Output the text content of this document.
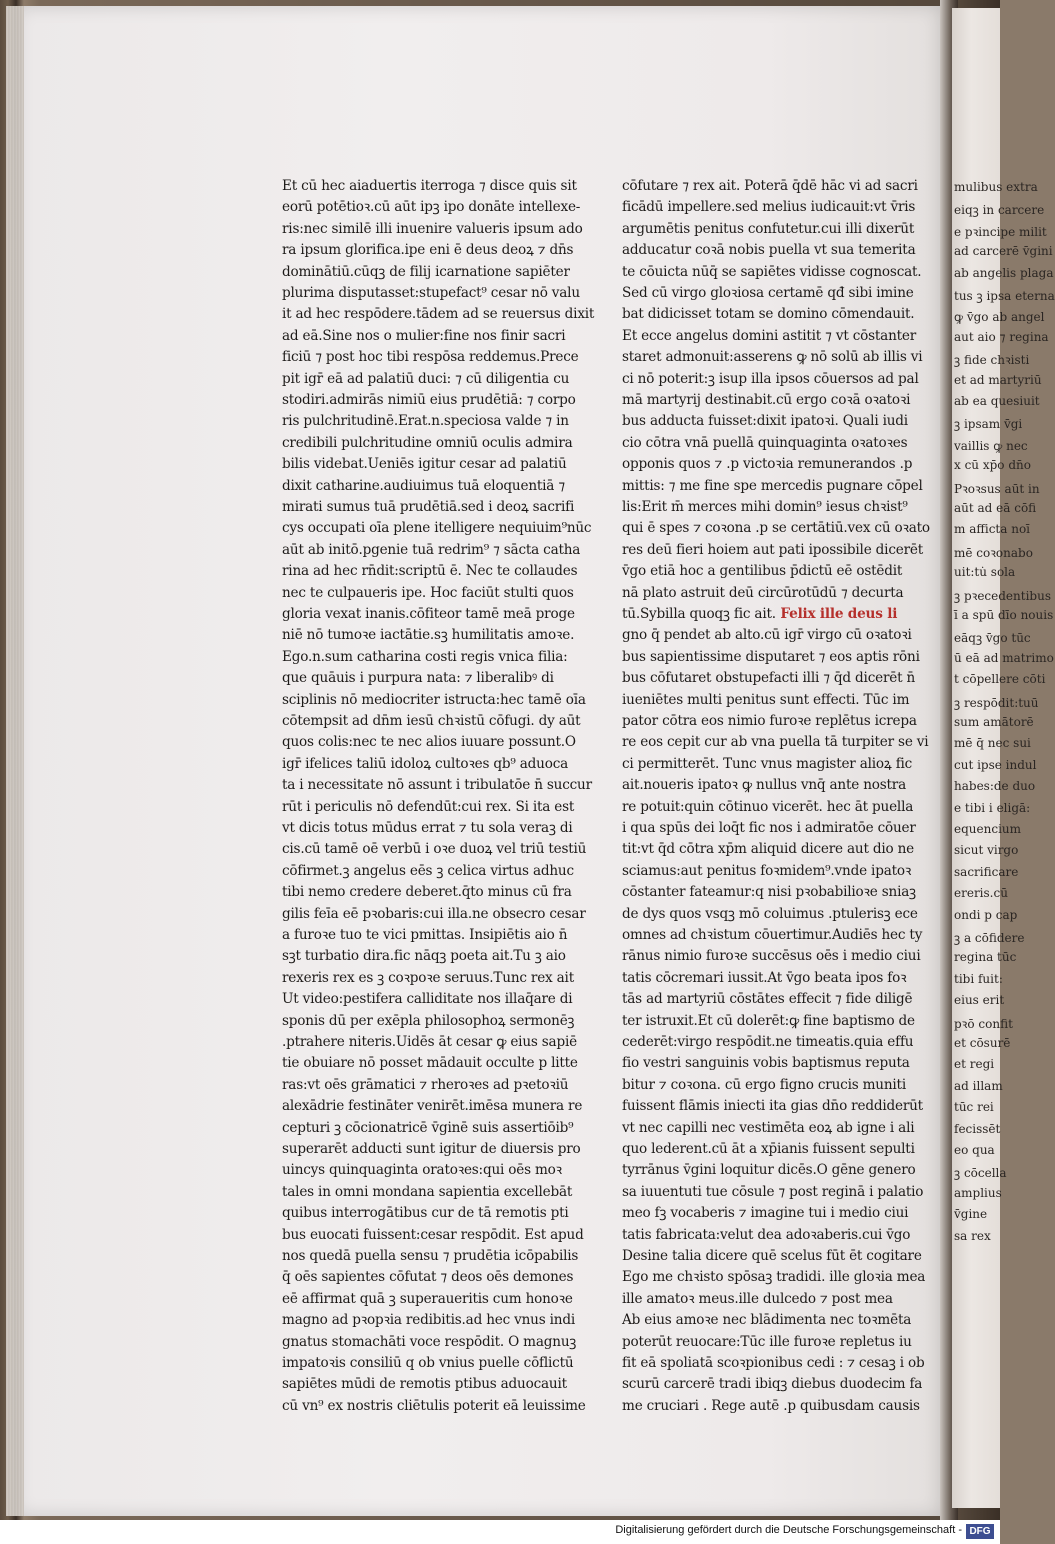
Et cū hec aiaduertis iterroga ⁊ disce quis sit
eorū potētioꝛ.cū aūt ipꝫ ipo donāte intellexe-
ris:nec similē illi inuenire valueris ipsum ado
ra ipsum glorifica.ipe eni ē deus deoꝝ ⁊ dn̄s
dominātiū.cūqꝫ de filij icarnatione sapiēter
plurima disputasset:stupefact⁹ cesar nō valu
it ad hec respōdere.tādem ad se reuersus dixit
ad eā.Sine nos o mulier:fine nos finir sacri
ficiū ⁊ post hoc tibi respōsa reddemus.Prece
pit igr̄ eā ad palatiū duci: ⁊ cū diligentia cu
stodiri.admirās nimiū eius prudētiā: ⁊ corpo
ris pulchritudinē.Erat.n.speciosa valde ⁊ in
credibili pulchritudine omniū oculis admira
bilis videbat.Ueniēs igitur cesar ad palatiū
dixit catharine.audiuimus tuā eloquentiā ⁊
mirati sumus tuā prudētiā.sed i deoꝝ sacrifi
cys occupati oīa plene itelligere nequiuim⁹nūc
aūt ab initō.pgenie tuā redrim⁹ ⁊ sācta catha
rina ad hec rn̄dit:scriptū ē. Nec te collaudes
nec te culpaueris ipe. Hoc faciūt stulti quos
gloria vexat inanis.cōfiteor tamē meā proge
niē nō tumoꝛe iactātie.sꝫ humilitatis amoꝛe.
Ego.n.sum catharina costi regis vnica filia:
que quāuis i purpura nata: ⁊ liberalibꝰ di
sciplinis nō mediocriter istructa:hec tamē oīa
cōtempsit ad dn̄m iesū chꝛistū cōfugi. dy aūt
quos colis:nec te nec alios iuuare possunt.O
igr̄ ifelices taliū idoloꝝ cultoꝛes qb⁹ aduoca
ta i necessitate nō assunt i tribulatōe n̄ succur
rūt i periculis nō defendūt:cui rex. Si ita est
vt dicis totus mūdus errat ⁊ tu sola veraꝫ di
cis.cū tamē oē verbū i oꝛe duoꝝ vel triū testiū
cōfirmet.ꝫ angelus eēs ꝫ celica virtus adhuc
tibi nemo credere deberet.q̄to minus cū fra
gilis feīa eē pꝛobaris:cui illa.ne obsecro cesar
a furoꝛe tuo te vici pmittas. Insipiētis aio n̄
sꝫt turbatio dira.fic nāqꝫ poeta ait.Tu ꝫ aio
rexeris rex es ꝫ coꝛpoꝛe seruus.Tunc rex ait
Ut video:pestifera calliditate nos illaq̄are di
sponis dū per exēpla philosophoꝝ sermonēꝫ
.ptrahere niteris.Uidēs āt cesar ꝙ eius sapiē
tie obuiare nō posset mādauit occulte p litte
ras:vt oēs grāmatici ⁊ rheroꝛes ad pꝛetoꝛiū
alexādrie festināter venirēt.imēsa munera re
cepturi ꝫ cōcionatricē v̄ginē suis assertiōib⁹
superarēt adducti sunt igitur de diuersis pro
uincys quinquaginta oratoꝛes:qui oēs moꝛ
tales in omni mondana sapientia excellebāt
quibus interrogātibus cur de tā remotis pti
bus euocati fuissent:cesar respōdit. Est apud
nos quedā puella sensu ⁊ prudētia icōpabilis
q̄ oēs sapientes cōfutat ⁊ deos oēs demones
eē affirmat quā ꝫ superaueritis cum honoꝛe
magno ad pꝛopꝛia redibitis.ad hec vnus indi
gnatus stomachāti voce respōdit. O magnuꝫ
impatoꝛis consiliū q ob vnius puelle cōflictū
sapiētes mūdi de remotis ptibus aduocauit
cū vn⁹ ex nostris cliētulis poterit eā leuissime
cōfutare ⁊ rex ait. Poterā q̄dē hāc vi ad sacri
ficādū impellere.sed melius iudicauit:vt v̄ris
argumētis penitus confutetur.cui illi dixerūt
adducatur coꝛā nobis puella vt sua temerita
te cōuicta nūq̄ se sapiētes vidisse cognoscat.
Sed cū virgo gloꝛiosa certamē qđ sibi imine
bat didicisset totam se domino cōmendauit.
Et ecce angelus domini astitit ⁊ vt cōstanter
staret admonuit:asserens ꝙ nō solū ab illis vi
ci nō poterit:ꝫ isup illa ipsos cōuersos ad pal
mā martyrij destinabit.cū ergo coꝛā oꝛatoꝛi
bus adducta fuisset:dixit ipatoꝛi. Quali iudi
cio cōtra vnā puellā quinquaginta oꝛatoꝛes
opponis quos ⁊ .p victoꝛia remunerandos .p
mittis: ⁊ me fine spe mercedis pugnare cōpel
lis:Erit m̄ merces mihi domin⁹ iesus chꝛist⁹
qui ē spes ⁊ coꝛona .p se certātiū.vex cū oꝛato
res deū fieri hoiem aut pati ipossibile dicerēt
v̄go etiā hoc a gentilibus p̄dictū eē ostēdit
nā plato astruit deū circūrotūdū ⁊ decurta
tū.Sybilla quoqꝫ fic ait. Felix ille deus li
gno q̄ pendet ab alto.cū igr̄ virgo cū oꝛatoꝛi
bus sapientissime disputaret ⁊ eos aptis rōni
bus cōfutaret obstupefacti illi ⁊ q̄d dicerēt n̄
iueniētes multi penitus sunt effecti. Tūc im
pator cōtra eos nimio furoꝛe replētus icrepa
re eos cepit cur ab vna puella tā turpiter se vi
ci permitterēt. Tunc vnus magister alioꝝ fic
ait.noueris ipatoꝛ ꝙ nullus vnq̄ ante nostra
re potuit:quin cōtinuo vicerēt. hec āt puella
i qua spūs dei loq̄t fic nos i admiratōe cōuer
tit:vt q̄d cōtra xp̄m aliquid dicere aut dio ne
sciamus:aut penitus foꝛmidem⁹.vnde ipatoꝛ
cōstanter fateamur:q nisi pꝛobabilioꝛe sniaꝫ
de dys quos vsqꝫ mō coluimus .ptulerisꝫ ece
omnes ad chꝛistum cōuertimur.Audiēs hec ty
rānus nimio furoꝛe succēsus oēs i medio ciui
tatis cōcremari iussit.At v̄go beata ipos foꝛ
tās ad martyriū cōstātes effecit ⁊ fide diligē
ter istruxit.Et cū dolerēt:ꝙ fine baptismo de
cederēt:virgo respōdit.ne timeatis.quia effu
fio vestri sanguinis vobis baptismus reputa
bitur ⁊ coꝛona. cū ergo figno crucis muniti
fuissent flāmis iniecti ita gias dn̄o reddiderūt
vt nec capilli nec vestimēta eoꝝ ab igne i ali
quo lederent.cū āt a xp̄ianis fuissent sepulti
tyrrānus v̄gini loquitur dicēs.O gēne genero
sa iuuentuti tue cōsule ⁊ post reginā i palatio
meo fꝫ vocaberis ⁊ imagine tui i medio ciui
tatis fabricata:velut dea adoꝛaberis.cui v̄go
Desine talia dicere quē scelus fūt ēt cogitare
Ego me chꝛisto spōsaꝫ tradidi. ille gloꝛia mea
ille amatoꝛ meus.ille dulcedo ⁊ post mea
Ab eius amoꝛe nec blādimenta nec toꝛmēta
poterūt reuocare:Tūc ille furoꝛe repletus iu
fit eā spoliatā scoꝛpionibus cedi : ⁊ cesaꝫ i ob
scurū carcerē tradi ibiqꝫ diebus duodecim fa
me cruciari . Rege autē .p quibusdam causis
mulibus extra
eiqꝫ in carcere
e pꝛincipe milit
ad carcerē v̄gini
ab angelis plaga
tus ꝫ ipsa eterna
ꝙ v̄go ab angel
aut aio ⁊ regina
ꝫ fide chꝛisti
et ad martyriū
ab ea quesiuit
ꝫ ipsam v̄gi
vaillis ꝙ nec
x cū xp̄o dn̄o
Pꝛoꝛsus aūt in
aūt ad eā cōfi
m afficta noī
mē coꝛonabo
uit:tu̇ sola
ꝫ pꝛecedentibus
ī a spū dīo nouis
eāqꝫ v̄go tūc
ū eā ad matrimo
t cōpellere cōti
ꝫ respōdit:tuū
sum amātorē
mē q̄ nec sui
cut ipse indul
habes:de duo
e tibi i eligā:
equencium
sicut virgo
sacrificare
ereris.cū
ondi p cap
ꝫ a cōfidere
regina tūc
tibi fuit:
eius erit
pꝛō confit
et cōsurē
et regi
ad illam
tūc rei
fecissēt
eo qua
ꝫ cōcella
amplius
v̄gine
sa rex
Digitalisierung gefördert durch die Deutsche Forschungsgemeinschaft - DFG
